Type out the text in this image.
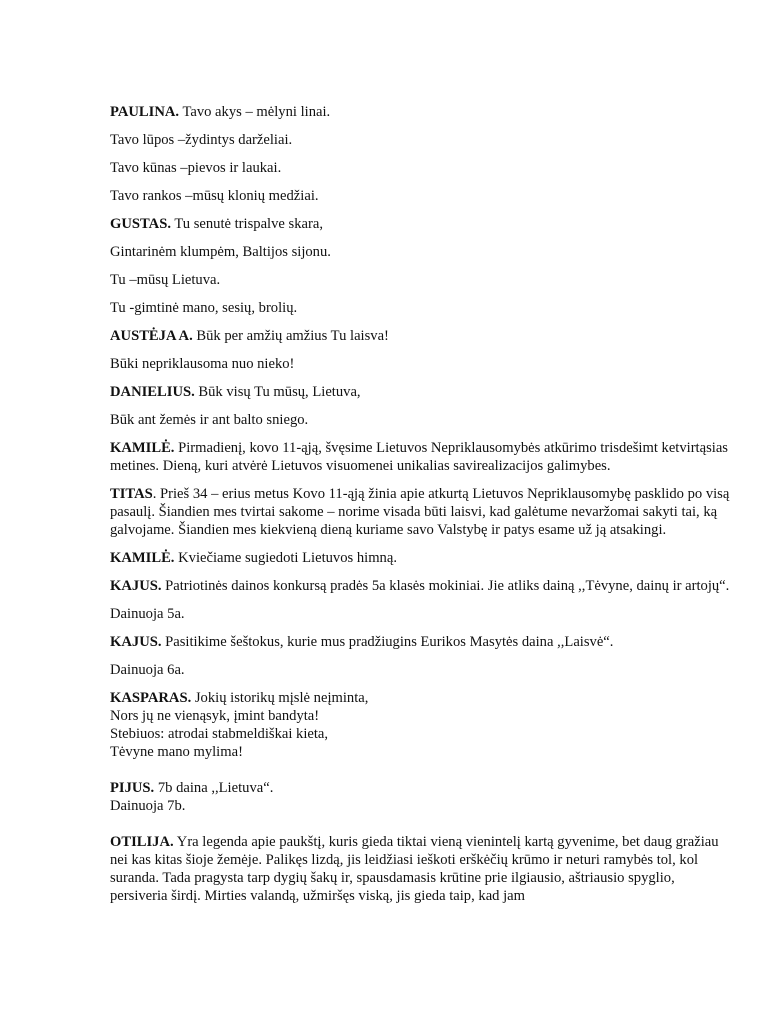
PAULINA. Tavo akys – mėlyni linai.

Tavo lūpos –žydintys darželiai.

Tavo kūnas –pievos ir laukai.

Tavo rankos –mūsų klonių medžiai.

GUSTAS. Tu senutė trispalve skara,

Gintarinėm klumpėm, Baltijos sijonu.

Tu –mūsų Lietuva.

Tu -gimtinė mano, sesių, brolių.

AUSTĖJA A. Būk per amžių amžius Tu laisva!

Būki nepriklausoma nuo nieko!

DANIELIUS. Būk visų Tu mūsų, Lietuva,

Būk ant žemės ir ant balto sniego.

KAMILĖ. Pirmadienį, kovo 11-ąją, švęsime Lietuvos Nepriklausomybės atkūrimo trisdešimt ketvirtąsias metines. Dieną, kuri atvėrė Lietuvos visuomenei unikalias savirealizacijos galimybes.

TITAS. Prieš 34 – erius metus Kovo 11-ąją žinia apie atkurtą Lietuvos Nepriklausomybę pasklido po visą pasaulį. Šiandien mes tvirtai sakome – norime visada būti laisvi, kad galėtume nevaržomai sakyti tai, ką galvojame. Šiandien mes kiekvieną dieną kuriame savo Valstybę ir patys esame už ją atsakingi.

KAMILĖ. Kviečiame sugiedoti Lietuvos himną.

KAJUS. Patriotinės dainos konkursą pradės 5a klasės mokiniai. Jie atliks dainą ,,Tėvyne, dainų ir artojų“.

Dainuoja 5a.

KAJUS. Pasitikime šeštokus, kurie mus pradžiugins Eurikos Masytės daina ,,Laisvė“.

Dainuoja 6a.

KASPARAS. Jokių istorikų mįslė neįminta,
Nors jų ne vienąsyk, įmint bandyta!
Stebiuos: atrodai stabmeldiškai kieta,
Tėvyne mano mylima!

PIJUS. 7b daina ,,Lietuva“.
Dainuoja 7b.

OTILIJA. Yra legenda apie paukštį, kuris gieda tiktai vieną vienintelį kartą gyvenime, bet daug gražiau nei kas kitas šioje žemėje. Palikęs lizdą, jis leidžiasi ieškoti erškėčių krūmo ir neturi ramybės tol, kol suranda. Tada pragysta tarp dygių šakų ir, spausdamasis krūtine prie ilgiausio, aštriausio spyglio, persiveria širdį. Mirties valandą, užmiršęs viską, jis gieda taip, kad jam
